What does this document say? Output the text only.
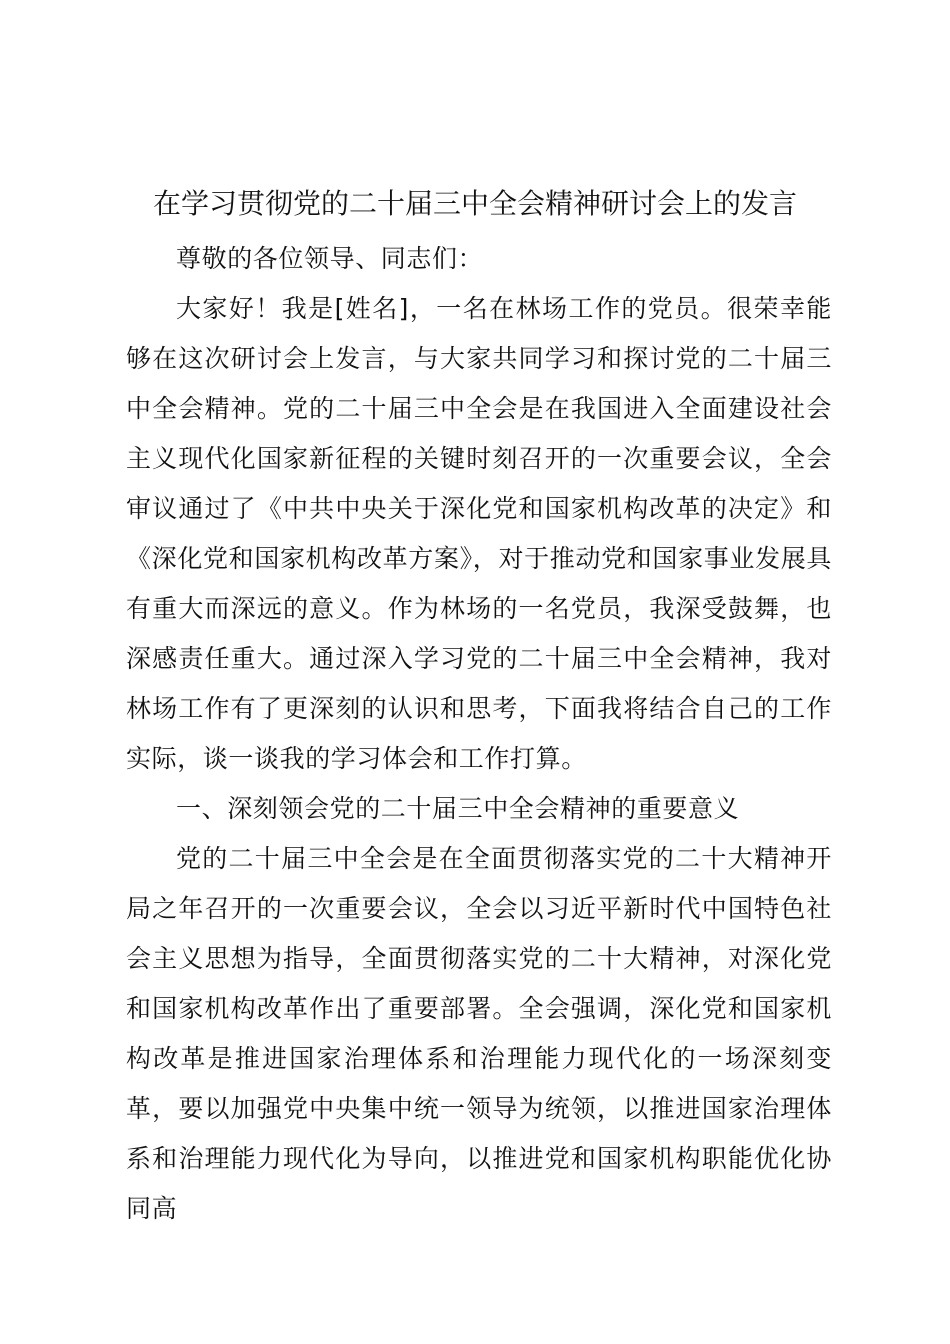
在学习贯彻党的二十届三中全会精神研讨会上的发言

尊敬的各位领导、同志们：

大家好！我是[姓名]，一名在林场工作的党员。很荣幸能够在这次研讨会上发言，与大家共同学习和探讨党的二十届三中全会精神。党的二十届三中全会是在我国进入全面建设社会主义现代化国家新征程的关键时刻召开的一次重要会议，全会审议通过了《中共中央关于深化党和国家机构改革的决定》和《深化党和国家机构改革方案》，对于推动党和国家事业发展具有重大而深远的意义。作为林场的一名党员，我深受鼓舞，也深感责任重大。通过深入学习党的二十届三中全会精神，我对林场工作有了更深刻的认识和思考，下面我将结合自己的工作实际，谈一谈我的学习体会和工作打算。

一、深刻领会党的二十届三中全会精神的重要意义

党的二十届三中全会是在全面贯彻落实党的二十大精神开局之年召开的一次重要会议，全会以习近平新时代中国特色社会主义思想为指导，全面贯彻落实党的二十大精神，对深化党和国家机构改革作出了重要部署。全会强调，深化党和国家机构改革是推进国家治理体系和治理能力现代化的一场深刻变革，要以加强党中央集中统一领导为统领，以推进国家治理体系和治理能力现代化为导向，以推进党和国家机构职能优化协同高
